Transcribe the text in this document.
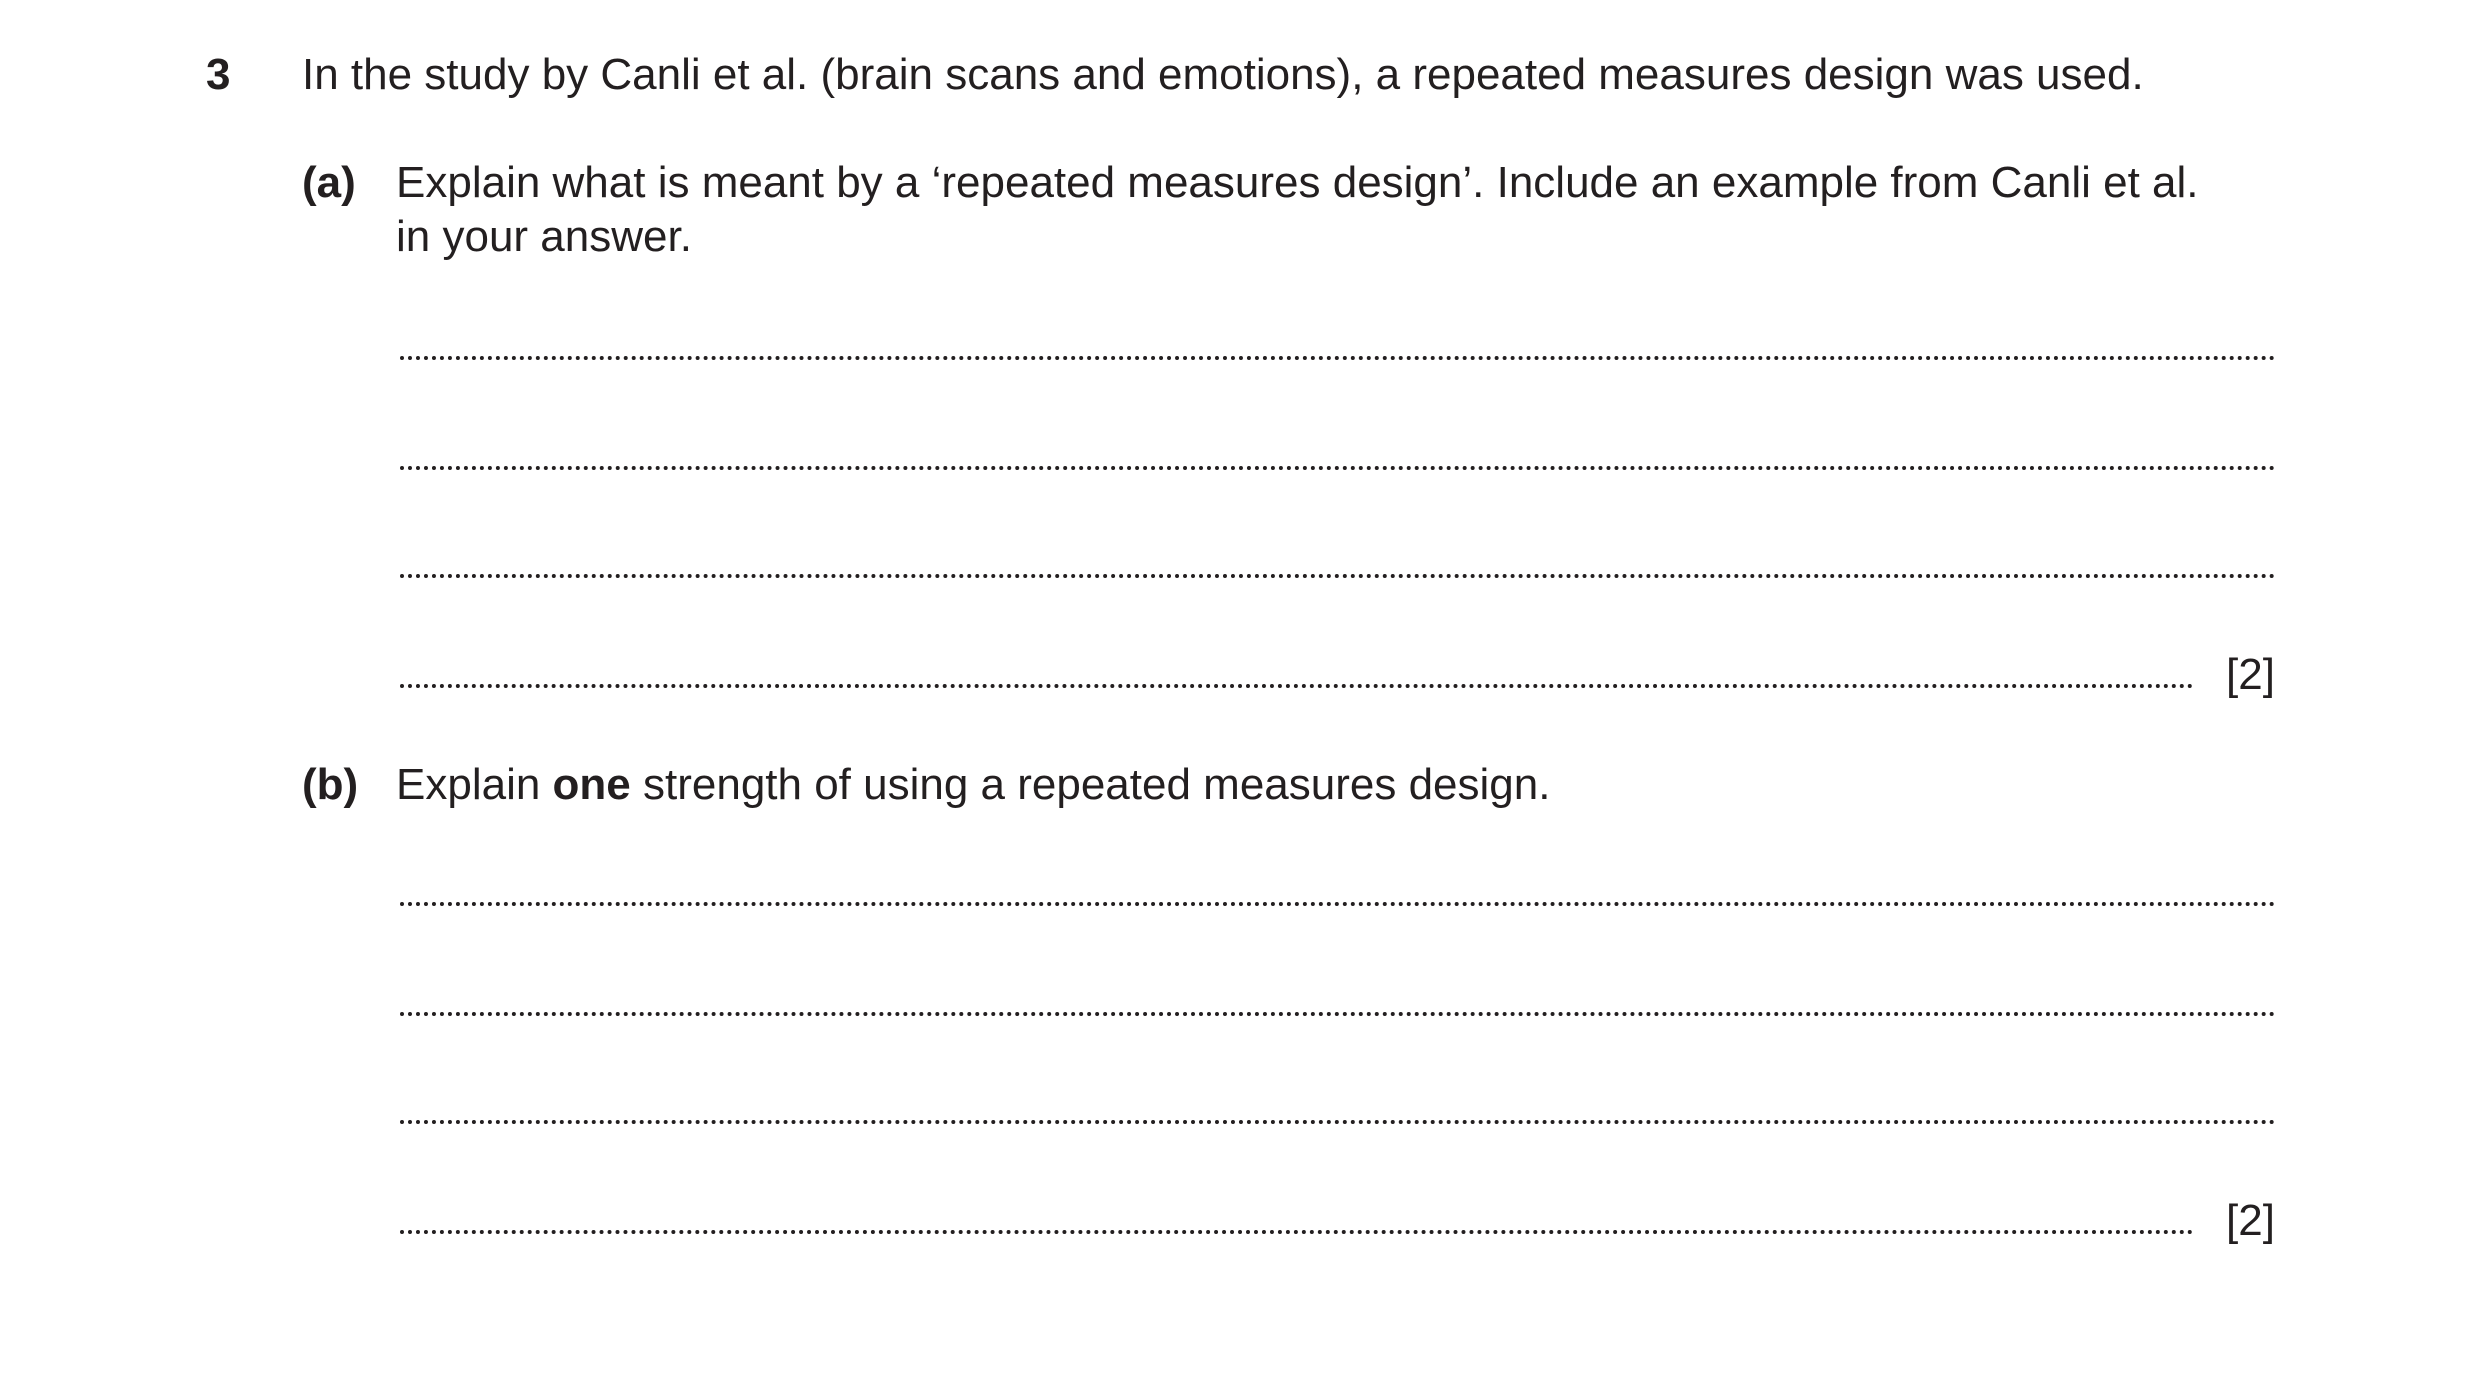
3 In the study by Canli et al. (brain scans and emotions), a repeated measures design was used.
(a) Explain what is meant by a ‘repeated measures design’. Include an example from Canli et al.
in your answer.
[2]
(b) Explain one strength of using a repeated measures design.
[2]
